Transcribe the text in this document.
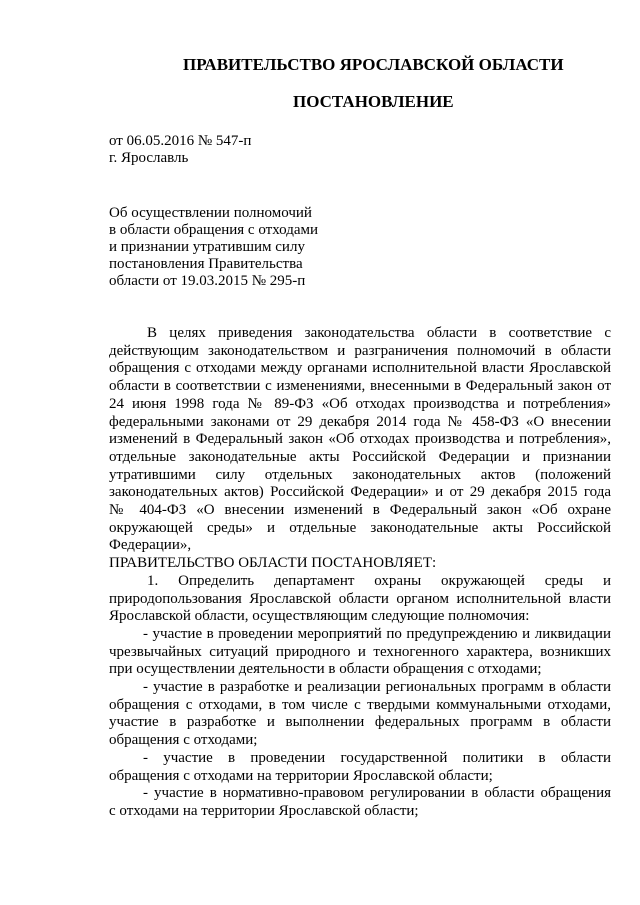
ПРАВИТЕЛЬСТВО ЯРОСЛАВСКОЙ ОБЛАСТИ
ПОСТАНОВЛЕНИЕ
от 06.05.2016 № 547-п
г. Ярославль
Об осуществлении полномочий
в области обращения с отходами
и признании утратившим силу
постановления Правительства
области от 19.03.2015 № 295-п
В целях приведения законодательства области в соответствие с
действующим законодательством и разграничения полномочий в области
обращения с отходами между органами исполнительной власти Ярославской
области в соответствии с изменениями, внесенными в Федеральный закон от
24 июня 1998 года № 89-ФЗ «Об отходах производства и потребления»
федеральными законами от 29 декабря 2014 года № 458-ФЗ «О внесении
изменений в Федеральный закон «Об отходах производства и потребления»,
отдельные законодательные акты Российской Федерации и признании
утратившими силу отдельных законодательных актов (положений
законодательных актов) Российской Федерации» и от 29 декабря 2015 года
№ 404-ФЗ «О внесении изменений в Федеральный закон «Об охране
окружающей среды» и отдельные законодательные акты Российской
Федерации»,
ПРАВИТЕЛЬСТВО ОБЛАСТИ ПОСТАНОВЛЯЕТ:
1. Определить департамент охраны окружающей среды и
природопользования Ярославской области органом исполнительной власти
Ярославской области, осуществляющим следующие полномочия:
- участие в проведении мероприятий по предупреждению и ликвидации
чрезвычайных ситуаций природного и техногенного характера, возникших
при осуществлении деятельности в области обращения с отходами;
- участие в разработке и реализации региональных программ в области
обращения с отходами, в том числе с твердыми коммунальными отходами,
участие в разработке и выполнении федеральных программ в области
обращения с отходами;
- участие в проведении государственной политики в области
обращения с отходами на территории Ярославской области;
- участие в нормативно-правовом регулировании в области обращения
с отходами на территории Ярославской области;
